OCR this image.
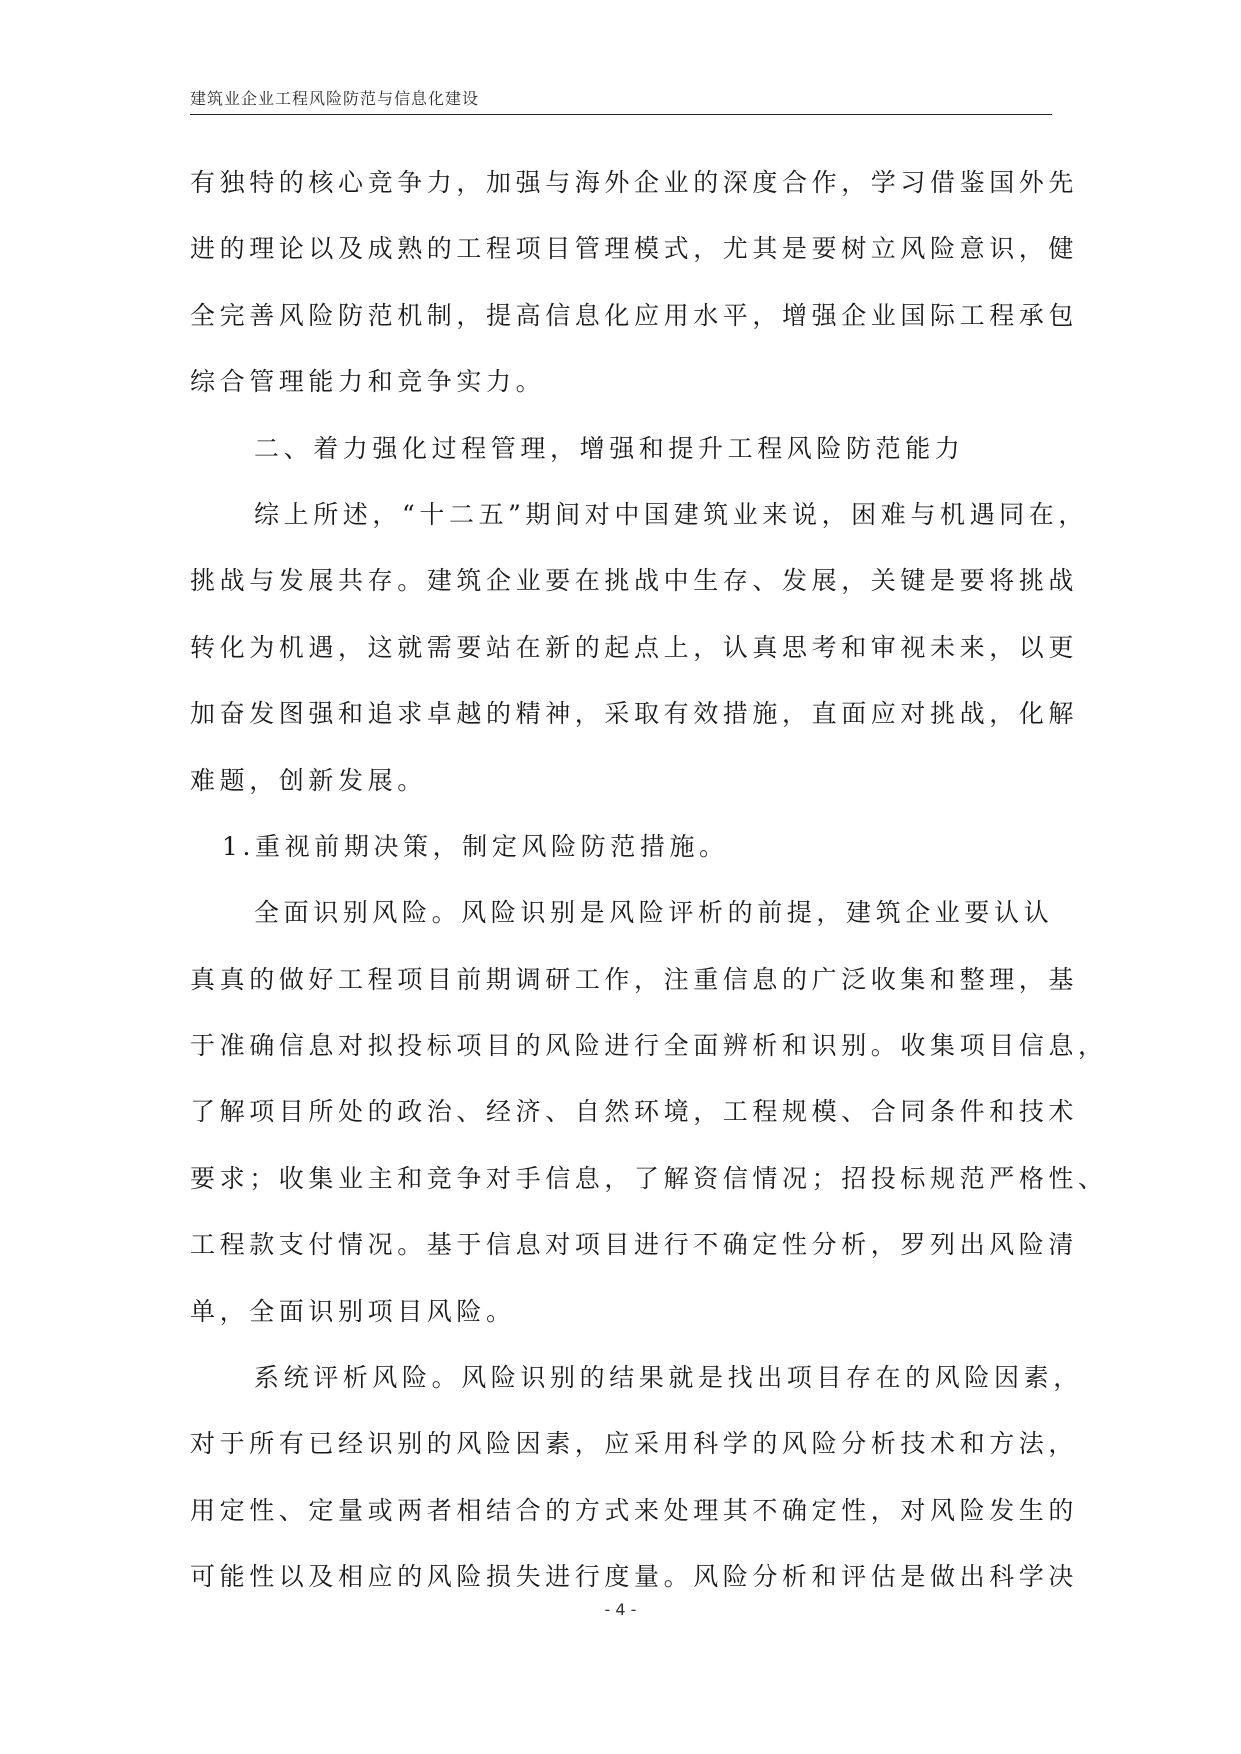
建筑业企业工程风险防范与信息化建设
有独特的核心竞争力，加强与海外企业的深度合作，学习借鉴国外先
进的理论以及成熟的工程项目管理模式，尤其是要树立风险意识，健
全完善风险防范机制，提高信息化应用水平，增强企业国际工程承包
综合管理能力和竞争实力。
二、着力强化过程管理，增强和提升工程风险防范能力
综上所述，“十二五”期间对中国建筑业来说，困难与机遇同在，
挑战与发展共存。建筑企业要在挑战中生存、发展，关键是要将挑战
转化为机遇，这就需要站在新的起点上，认真思考和审视未来，以更
加奋发图强和追求卓越的精神，采取有效措施，直面应对挑战，化解
难题，创新发展。
1.重视前期决策，制定风险防范措施。
全面识别风险。风险识别是风险评析的前提，建筑企业要认认
真真的做好工程项目前期调研工作，注重信息的广泛收集和整理，基
于准确信息对拟投标项目的风险进行全面辨析和识别。收集项目信息，
了解项目所处的政治、经济、自然环境，工程规模、合同条件和技术
要求；收集业主和竞争对手信息，了解资信情况；招投标规范严格性、
工程款支付情况。基于信息对项目进行不确定性分析，罗列出风险清
单，全面识别项目风险。
系统评析风险。风险识别的结果就是找出项目存在的风险因素，
对于所有已经识别的风险因素，应采用科学的风险分析技术和方法，
用定性、定量或两者相结合的方式来处理其不确定性，对风险发生的
可能性以及相应的风险损失进行度量。风险分析和评估是做出科学决
- 4 -
